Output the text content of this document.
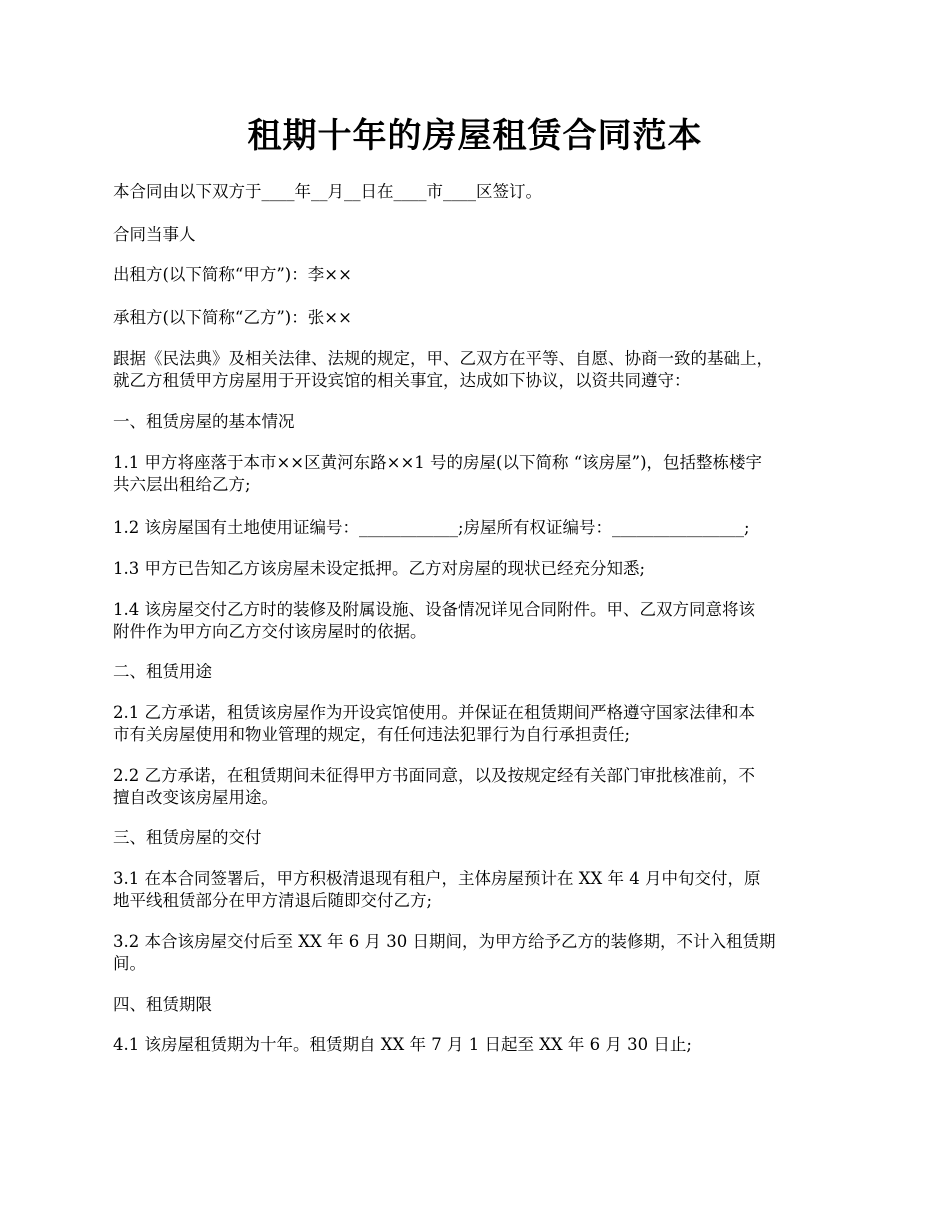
租期十年的房屋租赁合同范本

本合同由以下双方于____年__月__日在____市____区签订。

合同当事人

出租方(以下简称“甲方”)：李××

承租方(以下简称“乙方”)：张××

跟据《民法典》及相关法律、法规的规定，甲、乙双方在平等、自愿、协商一致的基础上，
就乙方租赁甲方房屋用于开设宾馆的相关事宜，达成如下协议，以资共同遵守：

一、租赁房屋的基本情况

1.1 甲方将座落于本市××区黄河东路××1 号的房屋(以下简称 “该房屋”)，包括整栋楼宇
共六层出租给乙方;

1.2 该房屋国有土地使用证编号：____________;房屋所有权证编号：________________;

1.3 甲方已告知乙方该房屋未设定抵押。乙方对房屋的现状已经充分知悉;

1.4 该房屋交付乙方时的装修及附属设施、设备情况详见合同附件。甲、乙双方同意将该
附件作为甲方向乙方交付该房屋时的依据。

二、租赁用途

2.1 乙方承诺，租赁该房屋作为开设宾馆使用。并保证在租赁期间严格遵守国家法律和本
市有关房屋使用和物业管理的规定，有任何违法犯罪行为自行承担责任;

2.2 乙方承诺，在租赁期间未征得甲方书面同意，以及按规定经有关部门审批核准前，不
擅自改变该房屋用途。

三、租赁房屋的交付

3.1 在本合同签署后，甲方积极清退现有租户，主体房屋预计在 XX 年 4 月中旬交付，原
地平线租赁部分在甲方清退后随即交付乙方;

3.2 本合该房屋交付后至 XX 年 6 月 30 日期间，为甲方给予乙方的装修期，不计入租赁期
间。

四、租赁期限

4.1 该房屋租赁期为十年。租赁期自 XX 年 7 月 1 日起至 XX 年 6 月 30 日止;
